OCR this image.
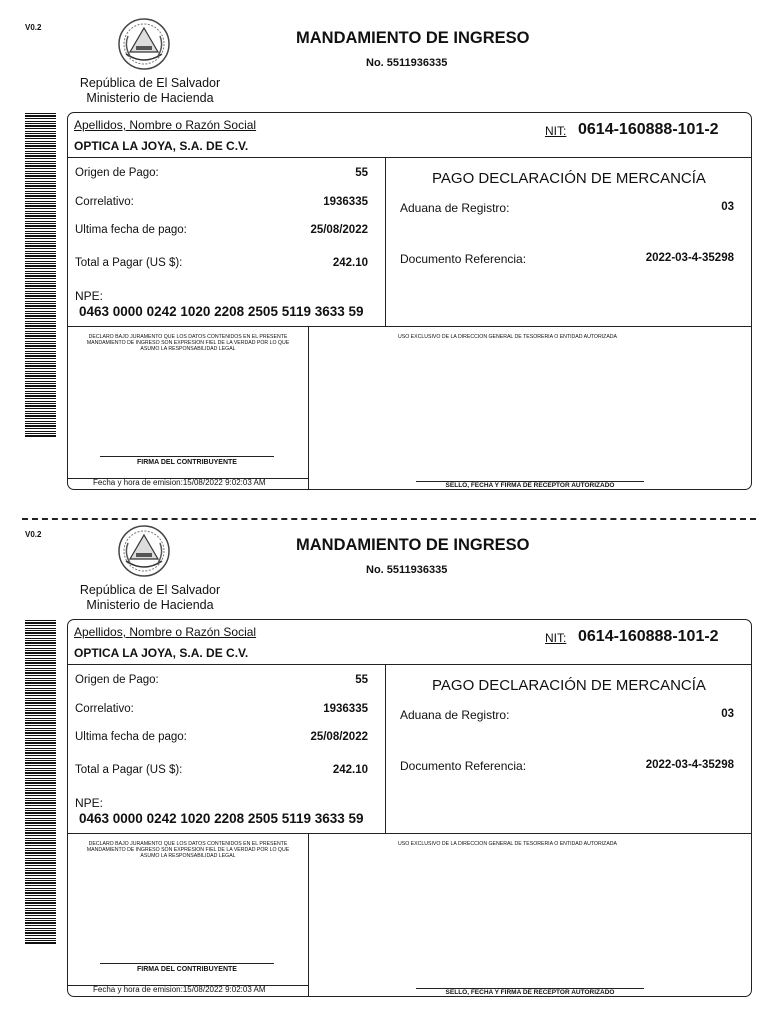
V0.2
República de El Salvador
Ministerio de Hacienda
MANDAMIENTO DE INGRESO
No. 5511936335
Apellidos, Nombre o Razón Social
OPTICA LA JOYA, S.A. DE C.V.
NIT: 0614-160888-101-2
Origen de Pago:	55
Correlativo:	1936335
Ultima fecha de pago:	25/08/2022
Total a Pagar (US $):	242.10
NPE:
0463 0000 0242 1020 2208 2505 5119 3633 59
PAGO DECLARACIÓN DE MERCANCÍA
Aduana de Registro:	03
Documento Referencia:	2022-03-4-35298
DECLARO BAJO JURAMENTO QUE LOS DATOS CONTENIDOS EN EL PRESENTE MANDAMIENTO DE INGRESO SON EXPRESION FIEL DE LA VERDAD POR LO QUE ASUMO LA RESPONSABILIDAD LEGAL
USO EXCLUSIVO DE LA DIRECCION GENERAL DE TESORERIA O ENTIDAD AUTORIZADA
FIRMA DEL CONTRIBUYENTE
Fecha y hora de emision:15/08/2022 9:02:03 AM	SELLO, FECHA Y FIRMA DE RECEPTOR AUTORIZADO
V0.2
República de El Salvador
Ministerio de Hacienda
MANDAMIENTO DE INGRESO
No. 5511936335
Apellidos, Nombre o Razón Social
OPTICA LA JOYA, S.A. DE C.V.
NIT: 0614-160888-101-2
Origen de Pago:	55
Correlativo:	1936335
Ultima fecha de pago:	25/08/2022
Total a Pagar (US $):	242.10
NPE:
0463 0000 0242 1020 2208 2505 5119 3633 59
PAGO DECLARACIÓN DE MERCANCÍA
Aduana de Registro:	03
Documento Referencia:	2022-03-4-35298
DECLARO BAJO JURAMENTO QUE LOS DATOS CONTENIDOS EN EL PRESENTE MANDAMIENTO DE INGRESO SON EXPRESION FIEL DE LA VERDAD POR LO QUE ASUMO LA RESPONSABILIDAD LEGAL
USO EXCLUSIVO DE LA DIRECCION GENERAL DE TESORERIA O ENTIDAD AUTORIZADA
FIRMA DEL CONTRIBUYENTE
Fecha y hora de emision:15/08/2022 9:02:03 AM	SELLO, FECHA Y FIRMA DE RECEPTOR AUTORIZADO
